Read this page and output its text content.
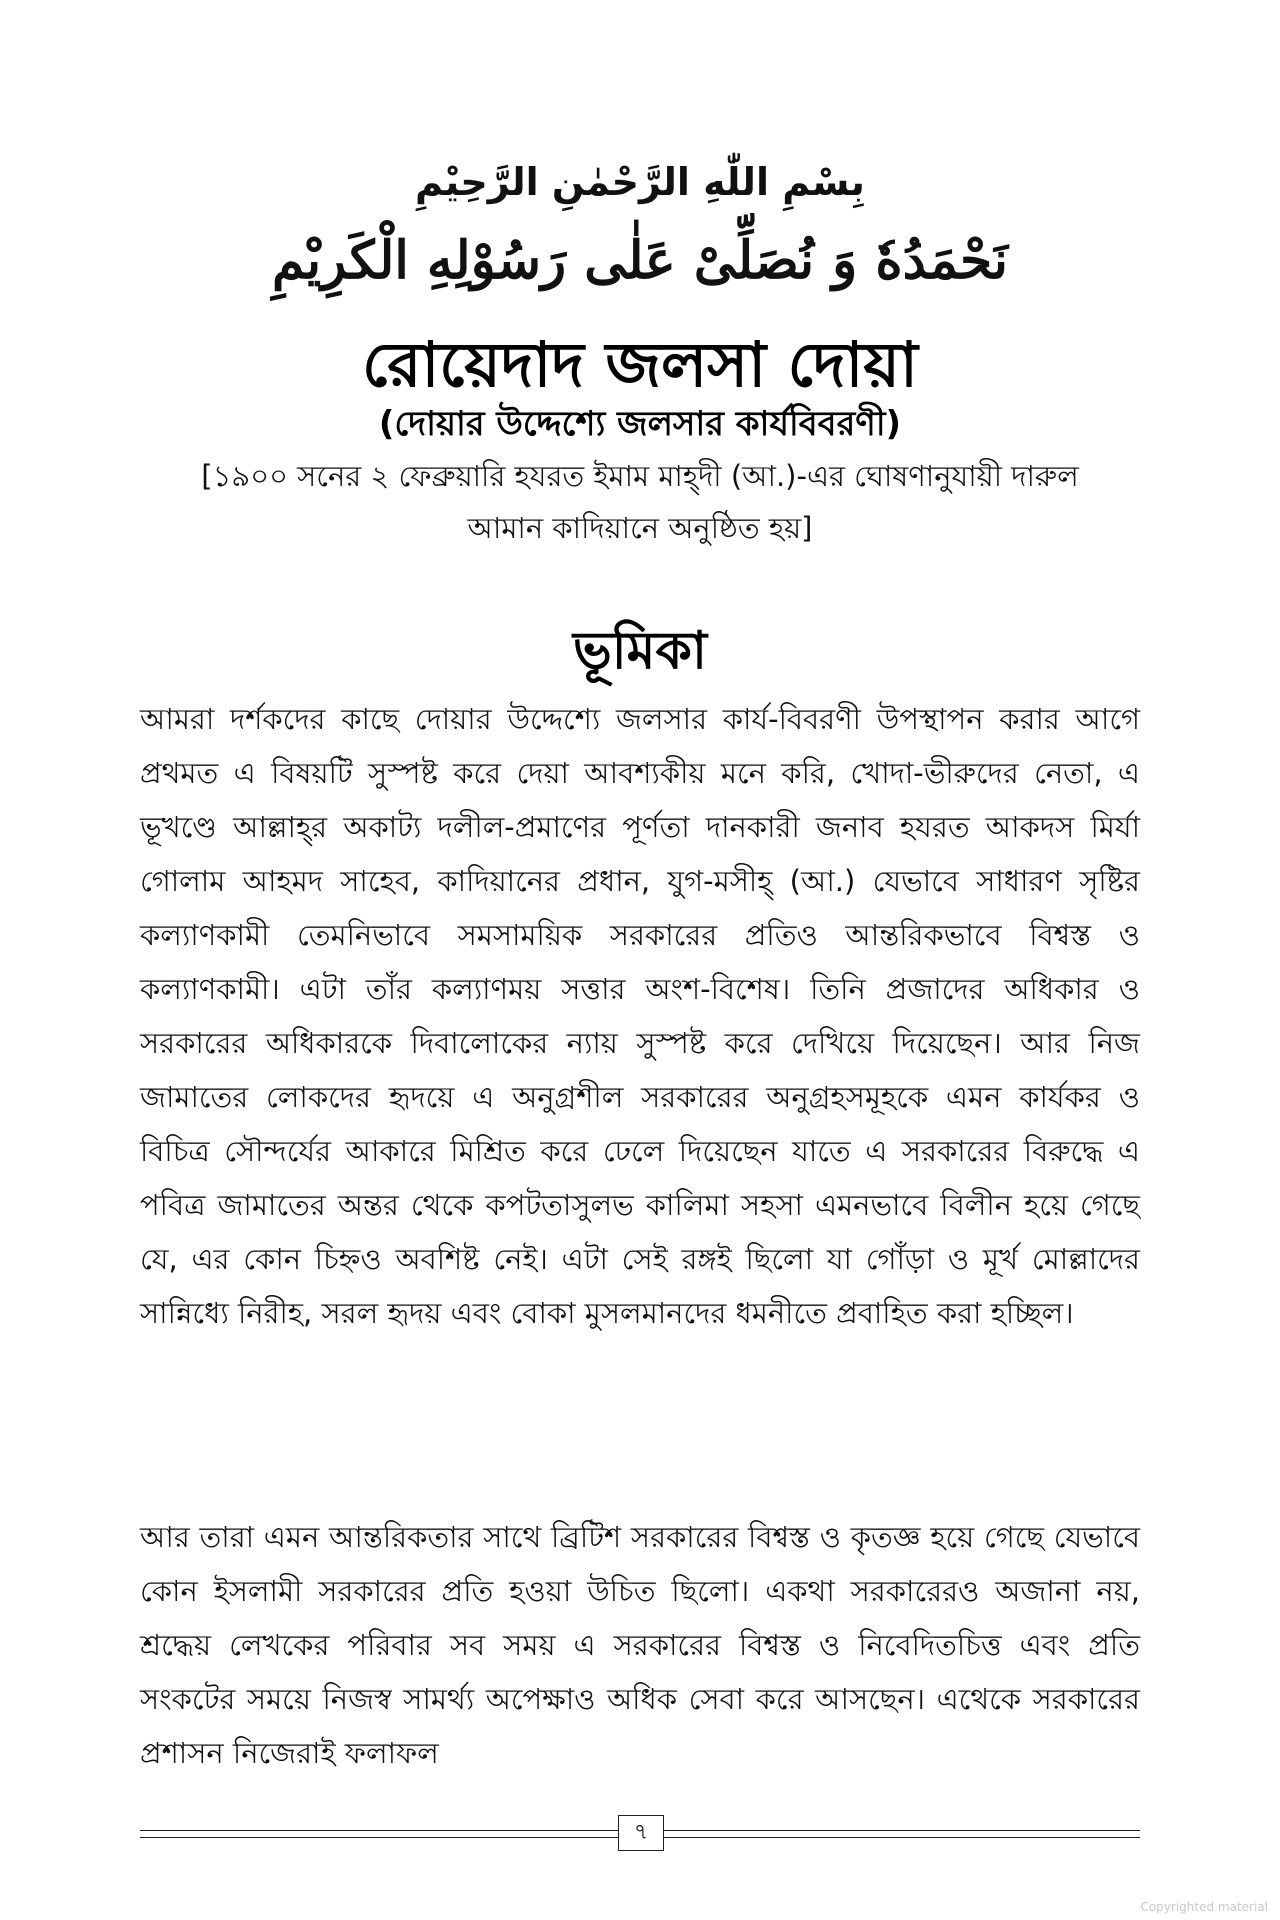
بِسْمِ اللّٰهِ الرَّحْمٰنِ الرَّحِيْمِ
نَحْمَدُهٗ وَ نُصَلِّیْ عَلٰی رَسُوْلِهِ الْكَرِيْمِ
রোয়েদাদ জলসা দোয়া
(দোয়ার উদ্দেশ্যে জলসার কার্যবিবরণী)
[১৯০০ সনের ২ ফেব্রুয়ারি হযরত ইমাম মাহ্‌দী (আ.)-এর ঘোষণানুযায়ী দারুল আমান কাদিয়ানে অনুষ্ঠিত হয়]
ভূমিকা
আমরা দর্শকদের কাছে দোয়ার উদ্দেশ্যে জলসার কার্য-বিবরণী উপস্থাপন করার আগে প্রথমত এ বিষয়টি সুস্পষ্ট করে দেয়া আবশ্যকীয় মনে করি, খোদা-ভীরুদের নেতা, এ ভূখণ্ডে আল্লাহ্‌র অকাট্য দলীল-প্রমাণের পূর্ণতা দানকারী জনাব হযরত আকদস মির্যা গোলাম আহমদ সাহেব, কাদিয়ানের প্রধান, যুগ-মসীহ্ (আ.) যেভাবে সাধারণ সৃষ্টির কল্যাণকামী তেমনিভাবে সমসাময়িক সরকারের প্রতিও আন্তরিকভাবে বিশ্বস্ত ও কল্যাণকামী। এটা তাঁর কল্যাণময় সত্তার অংশ-বিশেষ। তিনি প্রজাদের অধিকার ও সরকারের অধিকারকে দিবালোকের ন্যায় সুস্পষ্ট করে দেখিয়ে দিয়েছেন। আর নিজ জামাতের লোকদের হৃদয়ে এ অনুগ্রশীল সরকারের অনুগ্রহসমূহকে এমন কার্যকর ও বিচিত্র সৌন্দর্যের আকারে মিশ্রিত করে ঢেলে দিয়েছেন যাতে এ সরকারের বিরুদ্ধে এ পবিত্র জামাতের অন্তর থেকে কপটতাসুলভ কালিমা সহসা এমনভাবে বিলীন হয়ে গেছে যে, এর কোন চিহ্নও অবশিষ্ট নেই। এটা সেই রঙ্গই ছিলো যা গোঁড়া ও মূর্খ মোল্লাদের সান্নিধ্যে নিরীহ, সরল হৃদয় এবং বোকা মুসলমানদের ধমনীতে প্রবাহিত করা হচ্ছিল।
আর তারা এমন আন্তরিকতার সাথে ব্রিটিশ সরকারের বিশ্বস্ত ও কৃতজ্ঞ হয়ে গেছে যেভাবে কোন ইসলামী সরকারের প্রতি হওয়া উচিত ছিলো। একথা সরকারেরও অজানা নয়, শ্রদ্ধেয় লেখকের পরিবার সব সময় এ সরকারের বিশ্বস্ত ও নিবেদিতচিত্ত এবং প্রতি সংকটের সময়ে নিজস্ব সামর্থ্য অপেক্ষাও অধিক সেবা করে আসছেন। এথেকে সরকারের প্রশাসন নিজেরাই ফলাফল
৭
Copyrighted material
